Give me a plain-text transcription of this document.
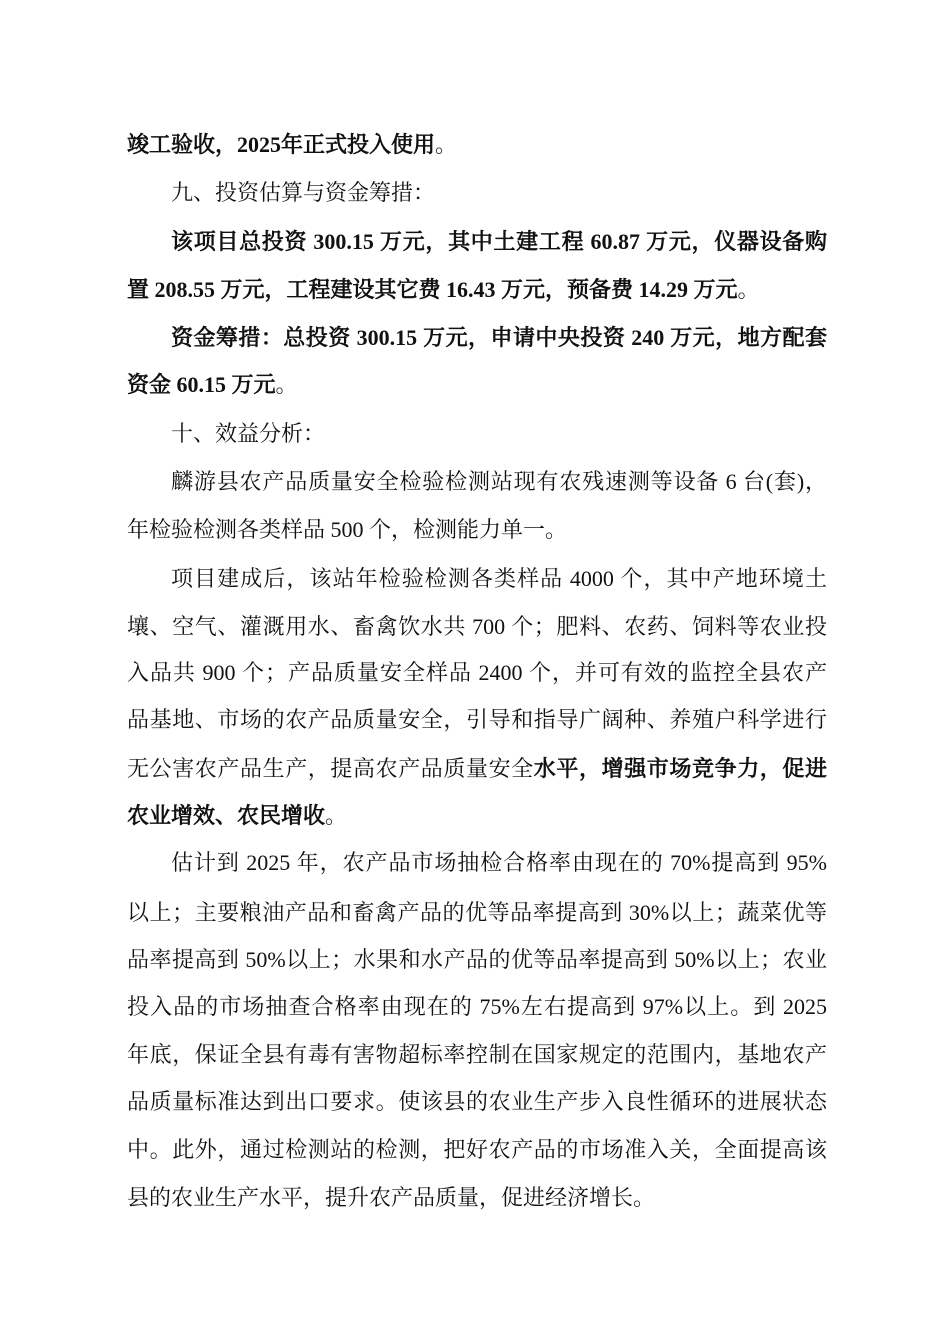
竣工验收，2025年正式投入使用。
九、投资估算与资金筹措：
该项目总投资 300.15 万元，其中土建工程 60.87 万元，仪器设备购
置 208.55 万元，工程建设其它费 16.43 万元，预备费 14.29 万元。
资金筹措：总投资 300.15 万元，申请中央投资 240 万元，地方配套
资金 60.15 万元。
十、效益分析：
麟游县农产品质量安全检验检测站现有农残速测等设备 6 台(套)，
年检验检测各类样品 500 个，检测能力单一。
项目建成后，该站年检验检测各类样品 4000 个，其中产地环境土
壤、空气、灌溉用水、畜禽饮水共 700 个；肥料、农药、饲料等农业投
入品共 900 个；产品质量安全样品 2400 个，并可有效的监控全县农产
品基地、市场的农产品质量安全，引导和指导广阔种、养殖户科学进行
无公害农产品生产，提高农产品质量安全水平，增强市场竞争力，促进
农业增效、农民增收。
估计到 2025 年，农产品市场抽检合格率由现在的 70%提高到 95%
以上；主要粮油产品和畜禽产品的优等品率提高到 30%以上；蔬菜优等
品率提高到 50%以上；水果和水产品的优等品率提高到 50%以上；农业
投入品的市场抽查合格率由现在的 75%左右提高到 97%以上。到 2025
年底，保证全县有毒有害物超标率控制在国家规定的范围内，基地农产
品质量标准达到出口要求。使该县的农业生产步入良性循环的进展状态
中。此外，通过检测站的检测，把好农产品的市场准入关，全面提高该
县的农业生产水平，提升农产品质量，促进经济增长。
